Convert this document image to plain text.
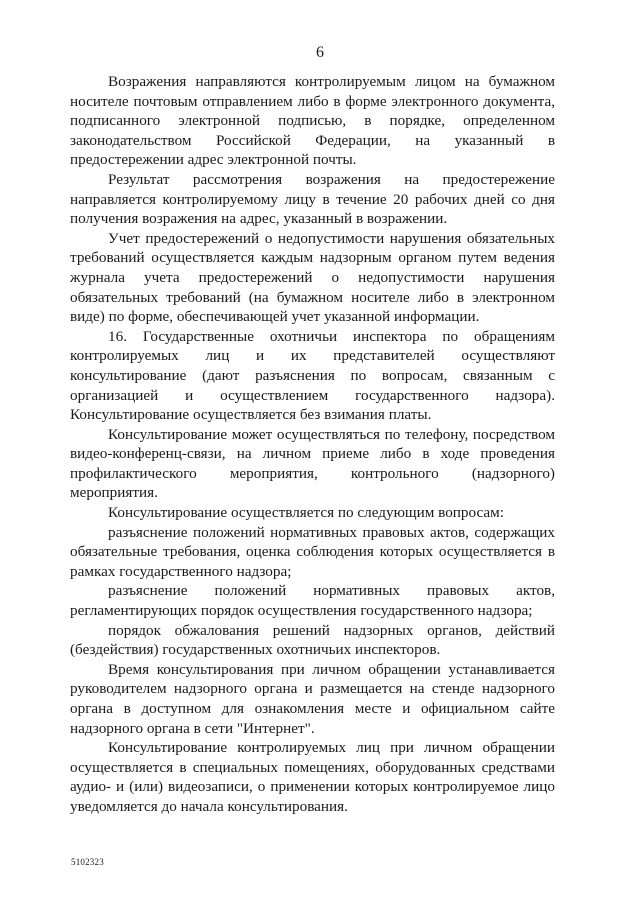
6

Возражения направляются контролируемым лицом на бумажном носителе почтовым отправлением либо в форме электронного документа, подписанного электронной подписью, в порядке, определенном законодательством Российской Федерации, на указанный в предостережении адрес электронной почты.

Результат рассмотрения возражения на предостережение направляется контролируемому лицу в течение 20 рабочих дней со дня получения возражения на адрес, указанный в возражении.

Учет предостережений о недопустимости нарушения обязательных требований осуществляется каждым надзорным органом путем ведения журнала учета предостережений о недопустимости нарушения обязательных требований (на бумажном носителе либо в электронном виде) по форме, обеспечивающей учет указанной информации.

16. Государственные охотничьи инспектора по обращениям контролируемых лиц и их представителей осуществляют консультирование (дают разъяснения по вопросам, связанным с организацией и осуществлением государственного надзора). Консультирование осуществляется без взимания платы.

Консультирование может осуществляться по телефону, посредством видео-конференц-связи, на личном приеме либо в ходе проведения профилактического мероприятия, контрольного (надзорного) мероприятия.

Консультирование осуществляется по следующим вопросам:

разъяснение положений нормативных правовых актов, содержащих обязательные требования, оценка соблюдения которых осуществляется в рамках государственного надзора;

разъяснение положений нормативных правовых актов, регламентирующих порядок осуществления государственного надзора;

порядок обжалования решений надзорных органов, действий (бездействия) государственных охотничьих инспекторов.

Время консультирования при личном обращении устанавливается руководителем надзорного органа и размещается на стенде надзорного органа в доступном для ознакомления месте и официальном сайте надзорного органа в сети "Интернет".

Консультирование контролируемых лиц при личном обращении осуществляется в специальных помещениях, оборудованных средствами аудио- и (или) видеозаписи, о применении которых контролируемое лицо уведомляется до начала консультирования.

5102323
